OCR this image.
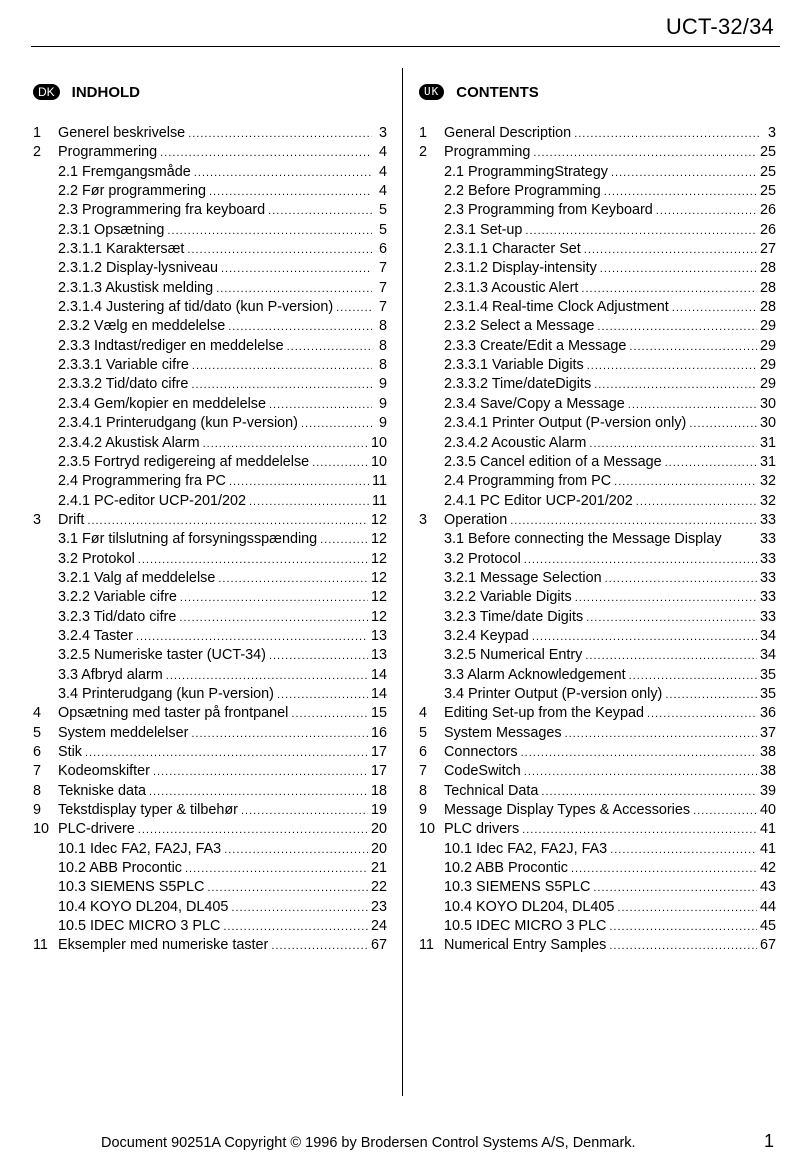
UCT-32/34
DK	INDHOLD
1	Generel beskrivelse .....	3
2	Programmering .....	4
2.1 Fremgangsmåde .....	4
2.2 Før programmering .....	4
2.3 Programmering fra keyboard .....	5
2.3.1 Opsætning .....	5
2.3.1.1 Karaktersæt .....	6
2.3.1.2 Display-lysniveau .....	7
2.3.1.3 Akustisk melding .....	7
2.3.1.4 Justering af tid/dato (kun P-version) .....	7
2.3.2 Vælg en meddelelse .....	8
2.3.3 Indtast/rediger en meddelelse .....	8
2.3.3.1 Variable cifre .....	8
2.3.3.2 Tid/dato cifre .....	9
2.3.4 Gem/kopier en meddelelse .....	9
2.3.4.1 Printerudgang (kun P-version) .....	9
2.3.4.2 Akustisk Alarm .....	10
2.3.5 Fortryd redigereing af meddelelse .....	10
2.4 Programmering fra PC .....	11
2.4.1 PC-editor UCP-201/202 .....	11
3	Drift .....	12
3.1 Før tilslutning af forsyningsspænding .....	12
3.2 Protokol .....	12
3.2.1 Valg af meddelelse .....	12
3.2.2 Variable cifre .....	12
3.2.3 Tid/dato cifre .....	12
3.2.4 Taster .....	13
3.2.5 Numeriske taster (UCT-34) .....	13
3.3 Afbryd alarm .....	14
3.4 Printerudgang (kun P-version) .....	14
4	Opsætning med taster på frontpanel .....	15
5	System meddelelser .....	16
6	Stik .....	17
7	Kodeomskifter .....	17
8	Tekniske data .....	18
9	Tekstdisplay typer & tilbehør .....	19
10 PLC-drivere .....	20
10.1 Idec FA2, FA2J, FA3 .....	20
10.2 ABB Procontic .....	21
10.3 SIEMENS S5PLC .....	22
10.4 KOYO DL204, DL405 .....	23
10.5 IDEC MICRO 3 PLC .....	24
11 Eksempler med numeriske taster .....	67
UK	CONTENTS
1	General Description .....	3
2	Programming .....	25
2.1 ProgrammingStrategy .....	25
2.2 Before Programming .....	25
2.3 Programming from Keyboard .....	26
2.3.1 Set-up .....	26
2.3.1.1 Character Set .....	27
2.3.1.2 Display-intensity .....	28
2.3.1.3 Acoustic Alert .....	28
2.3.1.4 Real-time Clock Adjustment .....	28
2.3.2 Select a Message .....	29
2.3.3 Create/Edit a Message .....	29
2.3.3.1 Variable Digits .....	29
2.3.3.2 Time/dateDigits .....	29
2.3.4 Save/Copy a Message .....	30
2.3.4.1 Printer Output (P-version only) .....	30
2.3.4.2 Acoustic Alarm .....	31
2.3.5 Cancel edition of a Message .....	31
2.4 Programming from PC .....	32
2.4.1 PC Editor UCP-201/202 .....	32
3	Operation .....	33
3.1 Before connecting the Message Display	33
3.2 Protocol .....	33
3.2.1 Message Selection .....	33
3.2.2 Variable Digits .....	33
3.2.3 Time/date Digits .....	33
3.2.4 Keypad .....	34
3.2.5 Numerical Entry .....	34
3.3 Alarm Acknowledgement .....	35
3.4 Printer Output (P-version only) .....	35
4	Editing Set-up from the Keypad .....	36
5	System Messages .....	37
6	Connectors .....	38
7	CodeSwitch .....	38
8	Technical Data .....	39
9	Message Display Types & Accessories .....	40
10 PLC drivers .....	41
10.1 Idec FA2, FA2J, FA3 .....	41
10.2 ABB Procontic .....	42
10.3 SIEMENS S5PLC .....	43
10.4 KOYO DL204, DL405 .....	44
10.5 IDEC MICRO 3 PLC .....	45
11 Numerical Entry Samples .....	67
Document 90251A Copyright © 1996 by Brodersen Control Systems A/S, Denmark.	1
